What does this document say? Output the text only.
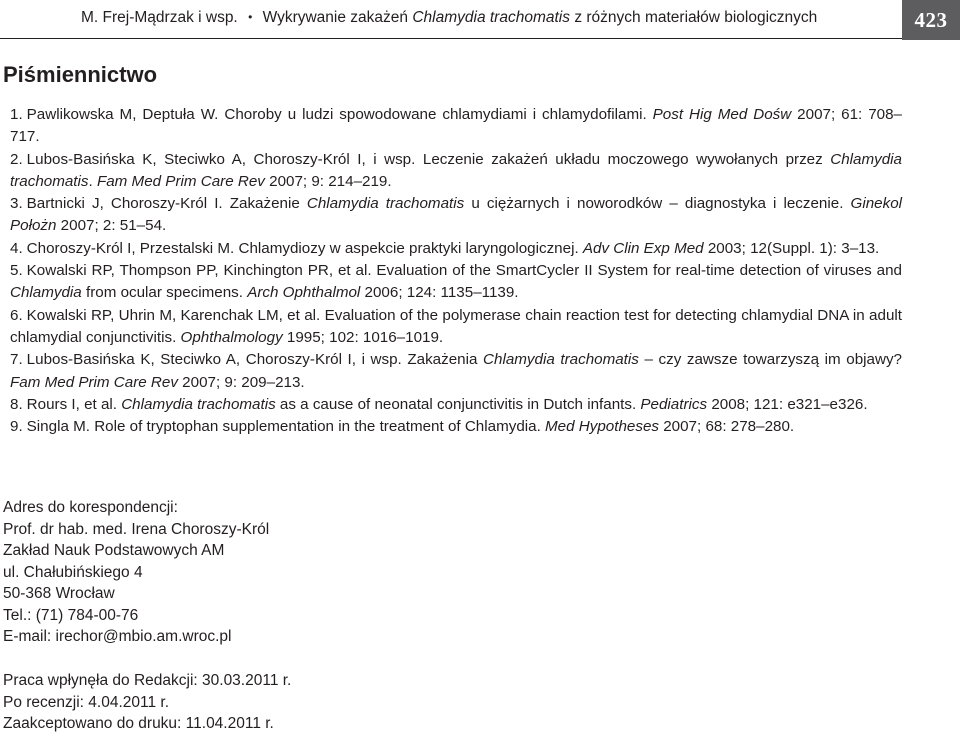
M. Frej-Mądrzak i wsp. • Wykrywanie zakażeń Chlamydia trachomatis z różnych materiałów biologicznych	423
Piśmiennictwo
1. Pawlikowska M, Deptuła W. Choroby u ludzi spowodowane chlamydiami i chlamydofilami. Post Hig Med Dośw 2007; 61: 708–717.
2. Lubos-Basińska K, Steciwko A, Choroszy-Król I, i wsp. Leczenie zakażeń układu moczowego wywołanych przez Chlamydia trachomatis. Fam Med Prim Care Rev 2007; 9: 214–219.
3. Bartnicki J, Choroszy-Król I. Zakażenie Chlamydia trachomatis u ciężarnych i noworodków – diagnostyka i leczenie. Ginekol Położn 2007; 2: 51–54.
4. Choroszy-Król I, Przestalski M. Chlamydiozy w aspekcie praktyki laryngologicznej. Adv Clin Exp Med 2003; 12(Suppl. 1): 3–13.
5. Kowalski RP, Thompson PP, Kinchington PR, et al. Evaluation of the SmartCycler II System for real-time detection of viruses and Chlamydia from ocular specimens. Arch Ophthalmol 2006; 124: 1135–1139.
6. Kowalski RP, Uhrin M, Karenchak LM, et al. Evaluation of the polymerase chain reaction test for detecting chlamydial DNA in adult chlamydial conjunctivitis. Ophthalmology 1995; 102: 1016–1019.
7. Lubos-Basińska K, Steciwko A, Choroszy-Król I, i wsp. Zakażenia Chlamydia trachomatis – czy zawsze towarzyszą im objawy? Fam Med Prim Care Rev 2007; 9: 209–213.
8. Rours I, et al. Chlamydia trachomatis as a cause of neonatal conjunctivitis in Dutch infants. Pediatrics 2008; 121: e321–e326.
9. Singla M. Role of tryptophan supplementation in the treatment of Chlamydia. Med Hypotheses 2007; 68: 278–280.
Adres do korespondencji:
Prof. dr hab. med. Irena Choroszy-Król
Zakład Nauk Podstawowych AM
ul. Chałubińskiego 4
50-368 Wrocław
Tel.: (71) 784-00-76
E-mail: irechor@mbio.am.wroc.pl
Praca wpłynęła do Redakcji: 30.03.2011 r.
Po recenzji: 4.04.2011 r.
Zaakceptowano do druku: 11.04.2011 r.
